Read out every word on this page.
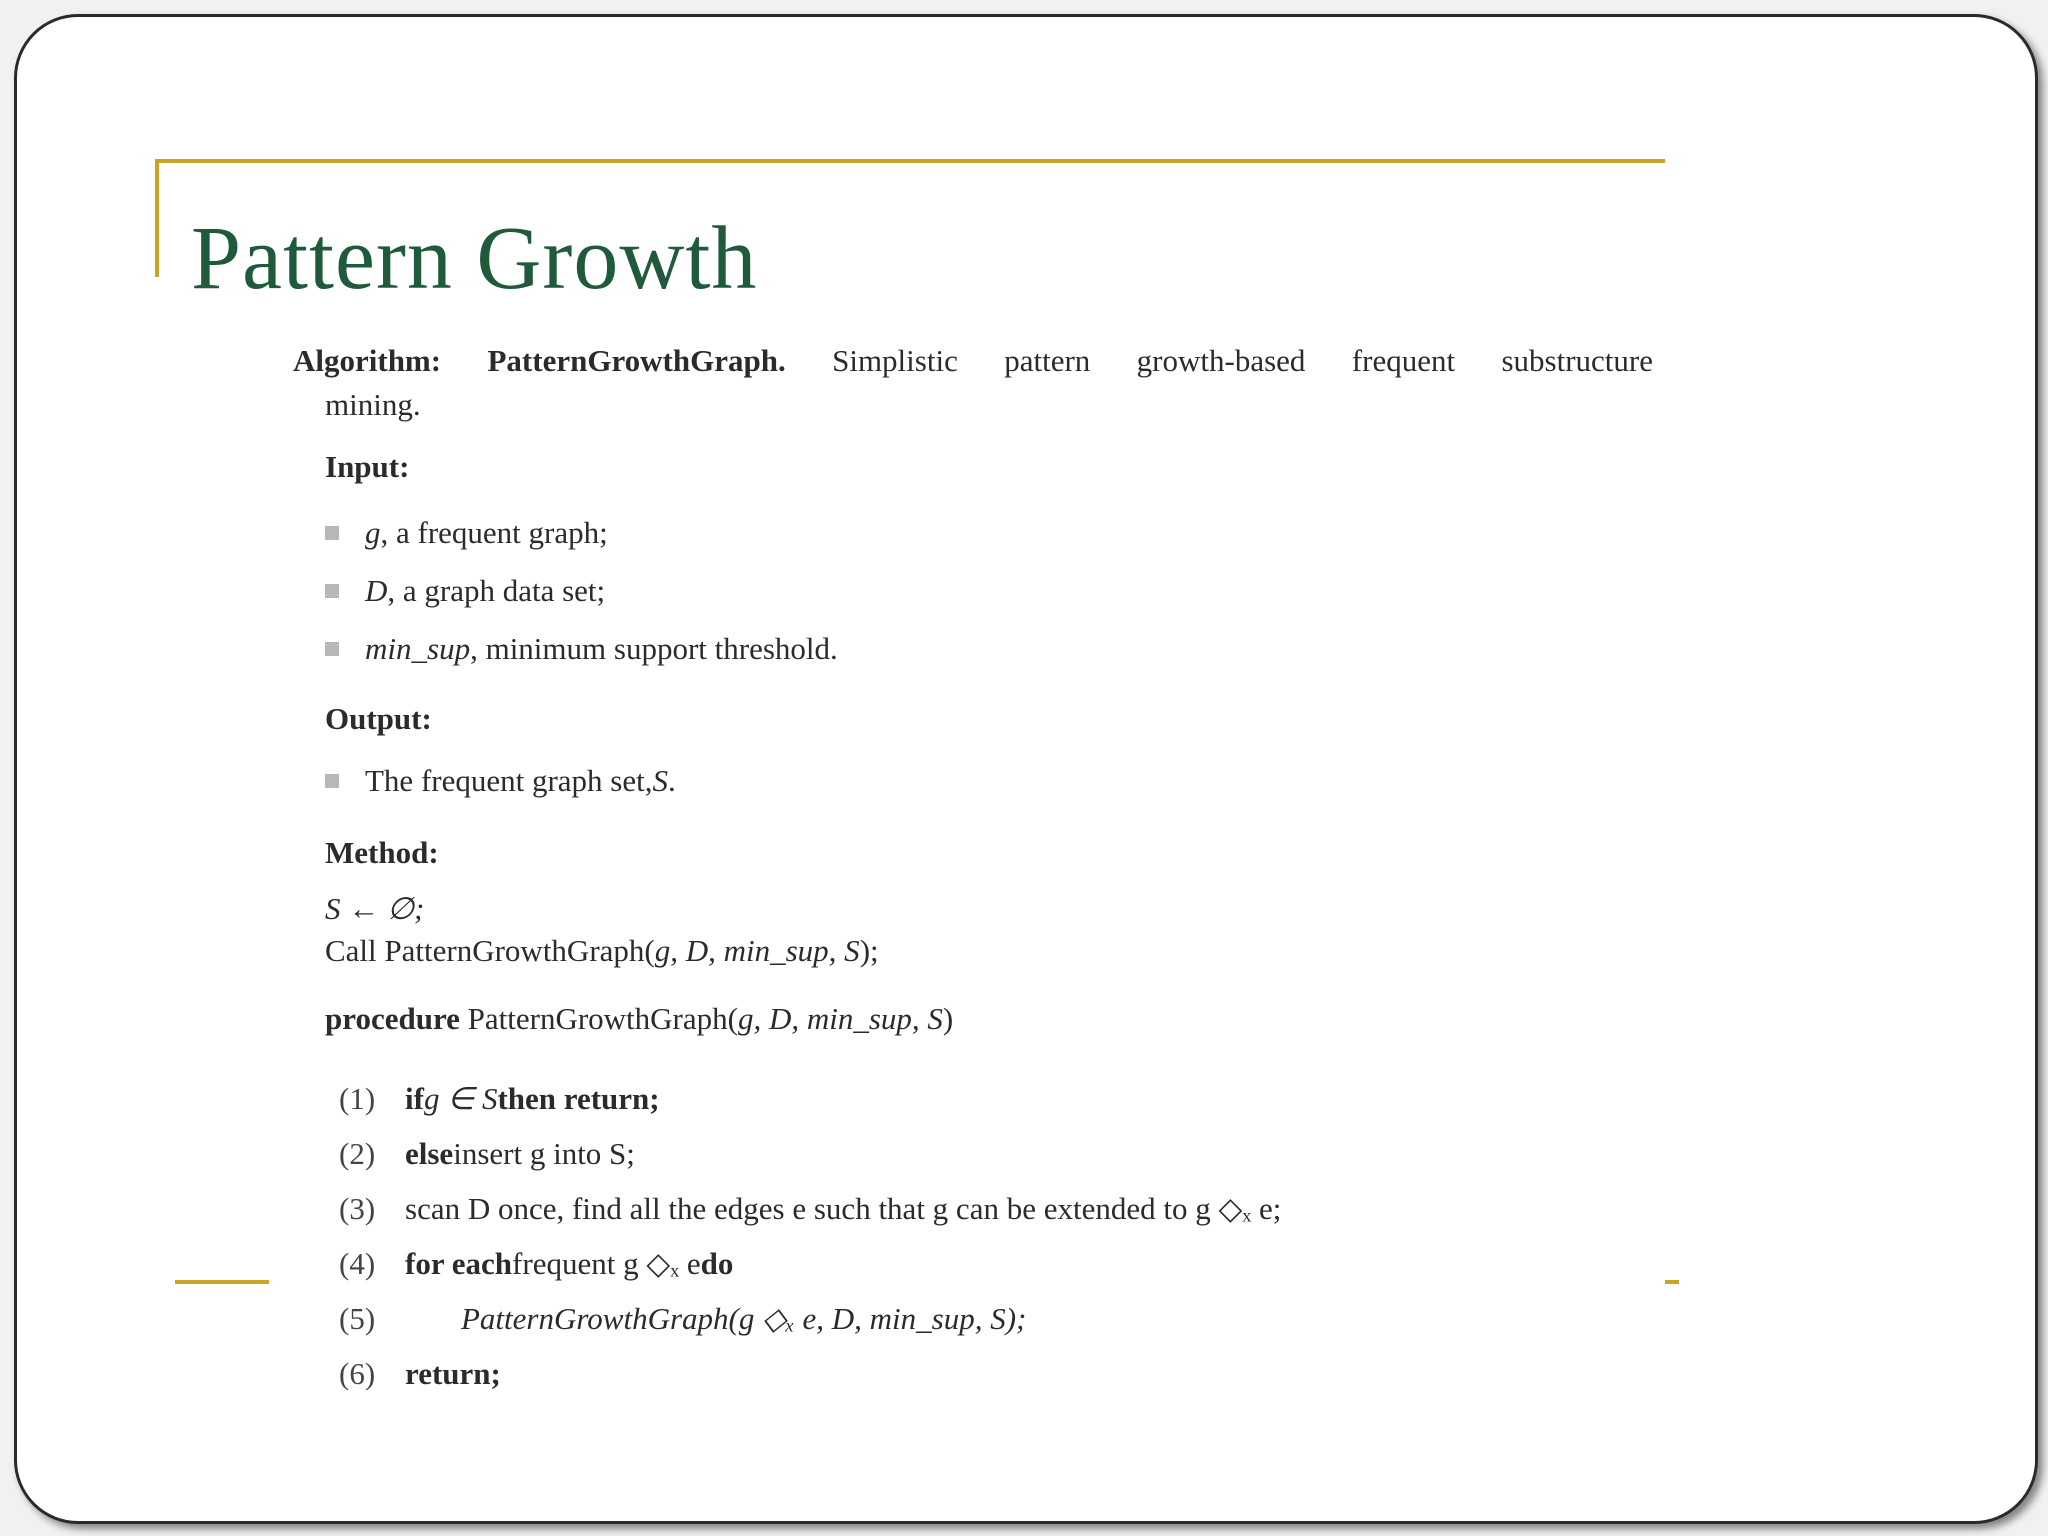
Pattern Growth

Algorithm: PatternGrowthGraph. Simplistic pattern growth-based frequent substructure

mining.

Input:

g , a frequent graph;
D , a graph data set;
min_sup , minimum support threshold.

Output:

The frequent graph set, S .

Method:

S ← ∅;
Call PatternGrowthGraph(g, D, min_sup, S);
procedure PatternGrowthGraph(g, D, min_sup, S)
(1) if g ∈ S then return;
(2) else insert g into S;
(3) scan D once, find all the edges e such that g can be extended to g ◇ₓ e;
(4) for each frequent g ◇ₓ e do
(5)	PatternGrowthGraph(g ◇ₓ e, D, min_sup, S);
(6) return;
